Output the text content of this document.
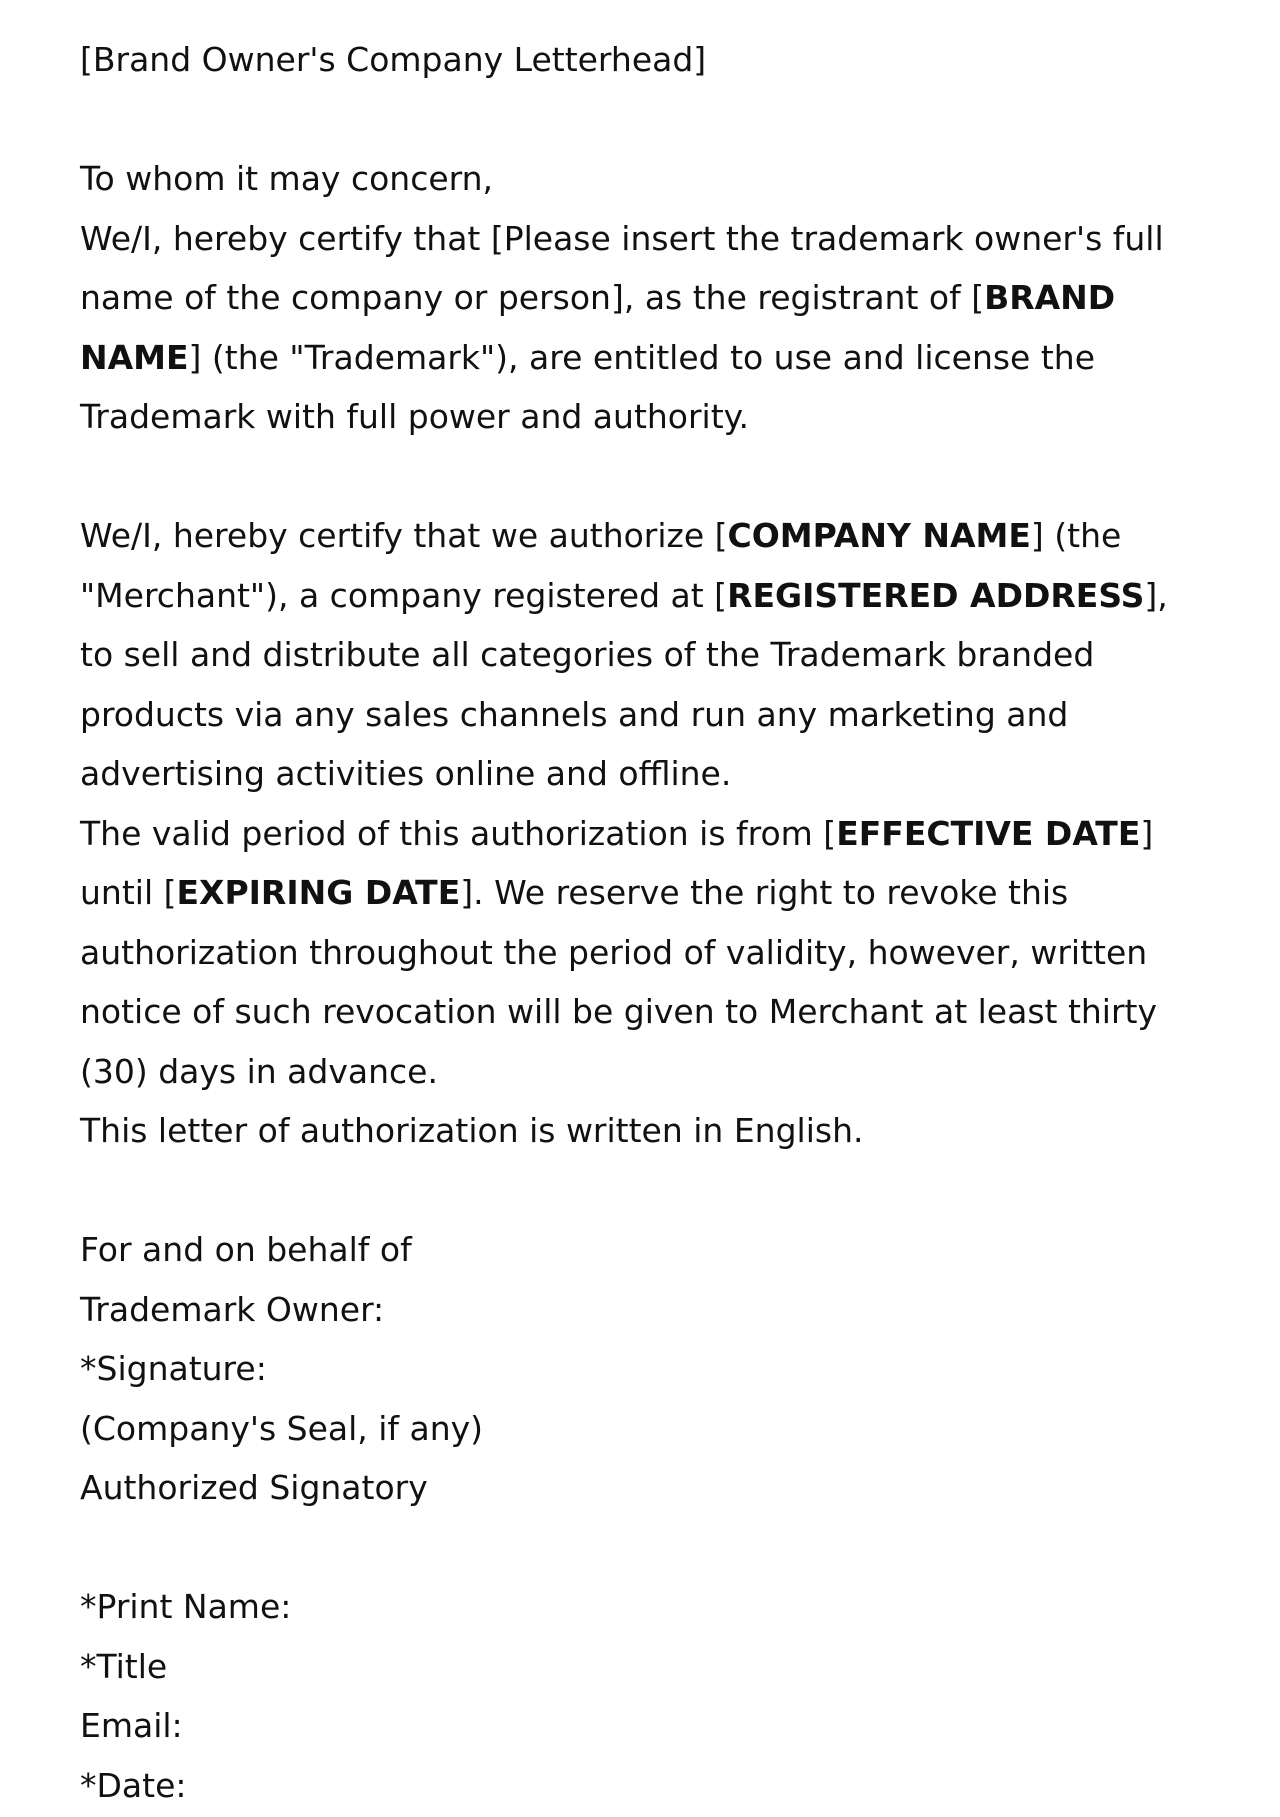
[Brand Owner's Company Letterhead]

To whom it may concern,

We/I, hereby certify that [Please insert the trademark owner's full

name of the company or person], as the registrant of [BRAND

NAME] (the "Trademark"), are entitled to use and license the

Trademark with full power and authority.

We/I, hereby certify that we authorize [COMPANY NAME] (the

"Merchant"), a company registered at [REGISTERED ADDRESS],

to sell and distribute all categories of the Trademark branded

products via any sales channels and run any marketing and

advertising activities online and offline.

The valid period of this authorization is from [EFFECTIVE DATE]

until [EXPIRING DATE]. We reserve the right to revoke this

authorization throughout the period of validity, however, written

notice of such revocation will be given to Merchant at least thirty

(30) days in advance.

This letter of authorization is written in English.

For and on behalf of

Trademark Owner:

*Signature:

(Company's Seal, if any)

Authorized Signatory

*Print Name:

*Title

Email:

*Date:
